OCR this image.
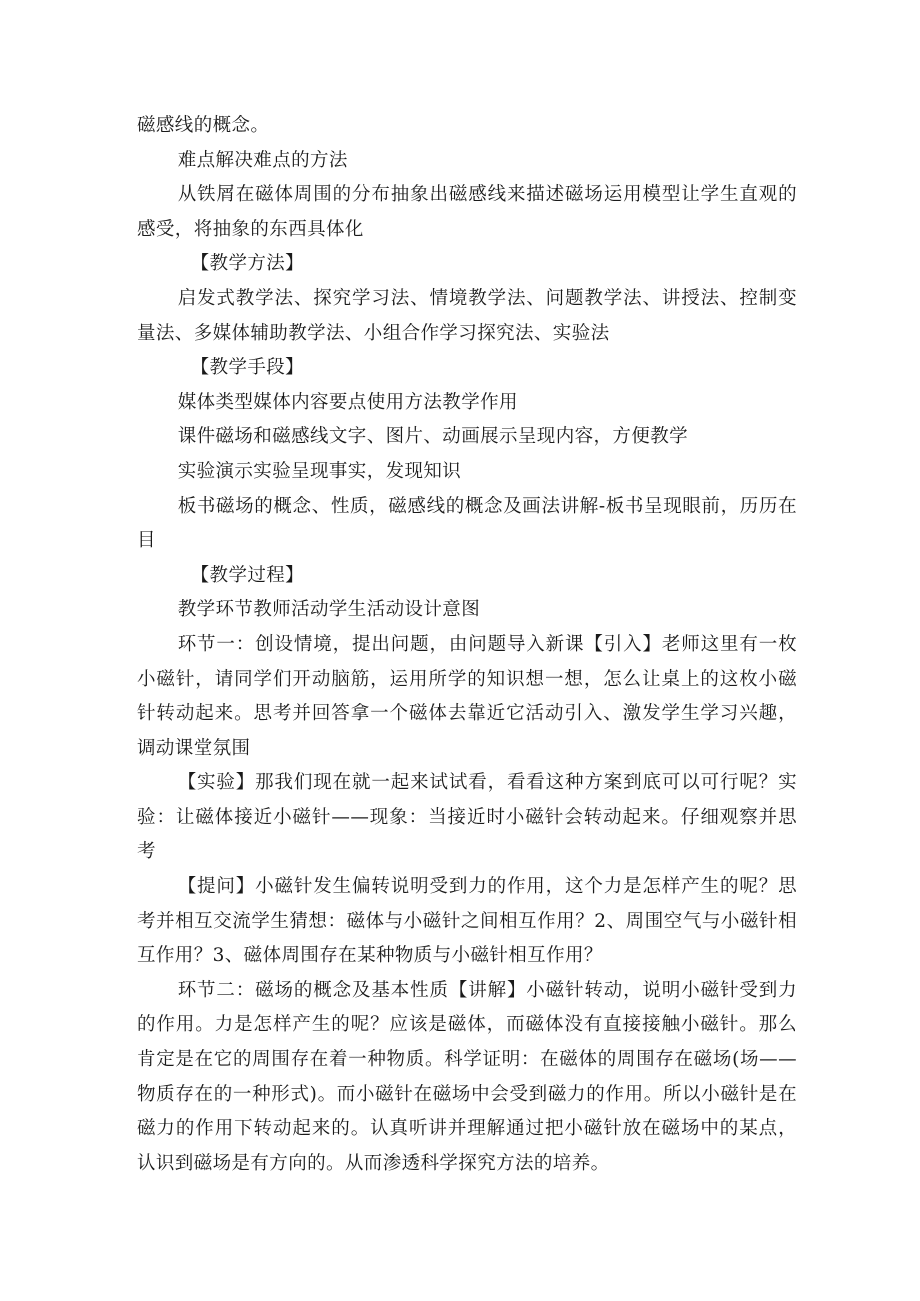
磁感线的概念。

难点解决难点的方法

从铁屑在磁体周围的分布抽象出磁感线来描述磁场运用模型让学生直观的感受，将抽象的东西具体化

【教学方法】

启发式教学法、探究学习法、情境教学法、问题教学法、讲授法、控制变量法、多媒体辅助教学法、小组合作学习探究法、实验法

【教学手段】

媒体类型媒体内容要点使用方法教学作用

课件磁场和磁感线文字、图片、动画展示呈现内容，方便教学

实验演示实验呈现事实，发现知识

板书磁场的概念、性质，磁感线的概念及画法讲解-板书呈现眼前，历历在目

【教学过程】

教学环节教师活动学生活动设计意图

环节一：创设情境，提出问题，由问题导入新课【引入】老师这里有一枚小磁针，请同学们开动脑筋，运用所学的知识想一想，怎么让桌上的这枚小磁针转动起来。思考并回答拿一个磁体去靠近它活动引入、激发学生学习兴趣，调动课堂氛围

【实验】那我们现在就一起来试试看，看看这种方案到底可以可行呢？实验：让磁体接近小磁针——现象：当接近时小磁针会转动起来。仔细观察并思考

【提问】小磁针发生偏转说明受到力的作用，这个力是怎样产生的呢？思考并相互交流学生猜想：磁体与小磁针之间相互作用？2、周围空气与小磁针相互作用？3、磁体周围存在某种物质与小磁针相互作用？

环节二：磁场的概念及基本性质【讲解】小磁针转动，说明小磁针受到力的作用。力是怎样产生的呢？应该是磁体，而磁体没有直接接触小磁针。那么肯定是在它的周围存在着一种物质。科学证明：在磁体的周围存在磁场(场——物质存在的一种形式)。而小磁针在磁场中会受到磁力的作用。所以小磁针是在磁力的作用下转动起来的。认真听讲并理解通过把小磁针放在磁场中的某点，认识到磁场是有方向的。从而渗透科学探究方法的培养。
